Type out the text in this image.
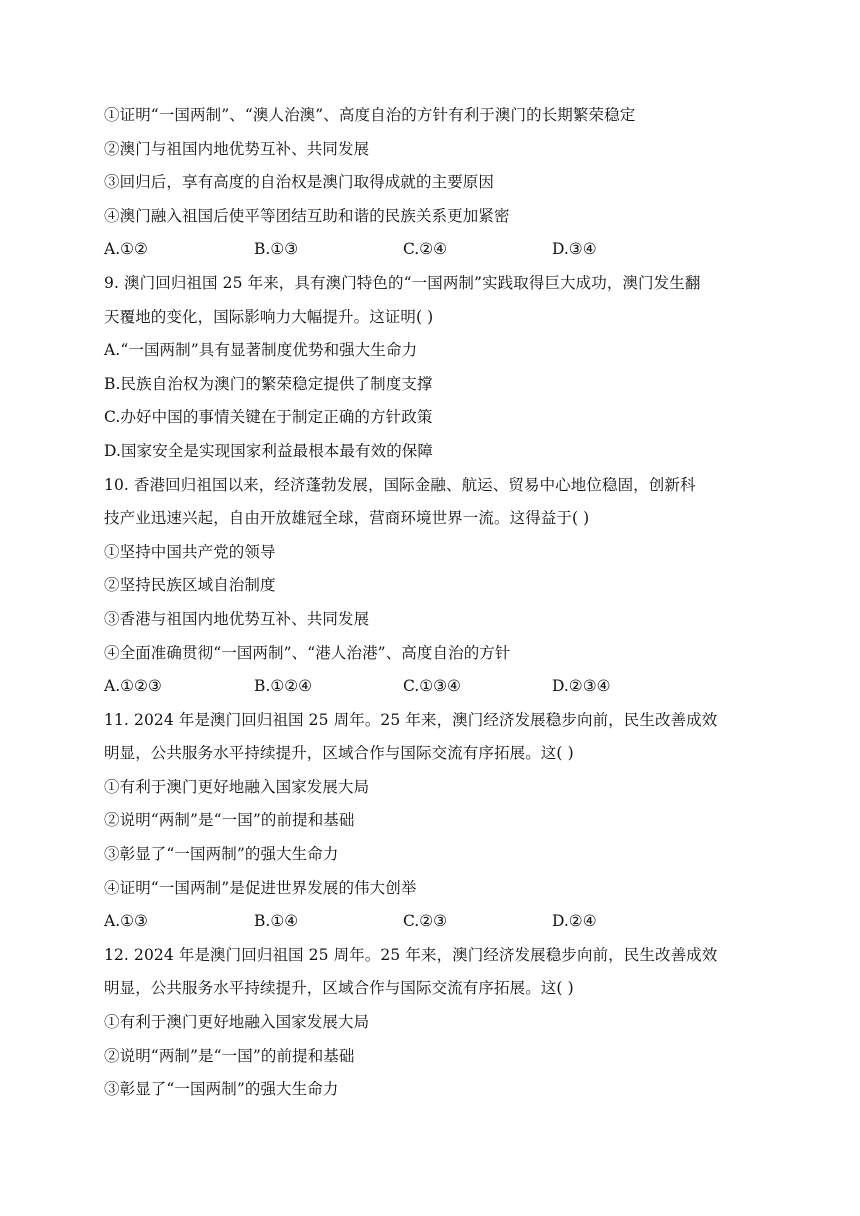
①证明“一国两制”、“澳人治澳”、高度自治的方针有利于澳门的长期繁荣稳定
②澳门与祖国内地优势互补、共同发展
③回归后，享有高度的自治权是澳门取得成就的主要原因
④澳门融入祖国后使平等团结互助和谐的民族关系更加紧密
A.①②	B.①③	C.②④	D.③④
9. 澳门回归祖国 25 年来，具有澳门特色的“一国两制”实践取得巨大成功，澳门发生翻
天覆地的变化，国际影响力大幅提升。这证明( )
A.“一国两制”具有显著制度优势和强大生命力
B.民族自治权为澳门的繁荣稳定提供了制度支撑
C.办好中国的事情关键在于制定正确的方针政策
D.国家安全是实现国家利益最根本最有效的保障
10. 香港回归祖国以来，经济蓬勃发展，国际金融、航运、贸易中心地位稳固，创新科
技产业迅速兴起，自由开放雄冠全球，营商环境世界一流。这得益于( )
①坚持中国共产党的领导
②坚持民族区域自治制度
③香港与祖国内地优势互补、共同发展
④全面准确贯彻“一国两制”、“港人治港”、高度自治的方针
A.①②③	B.①②④	C.①③④	D.②③④
11. 2024 年是澳门回归祖国 25 周年。25 年来，澳门经济发展稳步向前，民生改善成效
明显，公共服务水平持续提升，区域合作与国际交流有序拓展。这( )
①有利于澳门更好地融入国家发展大局
②说明“两制”是“一国”的前提和基础
③彰显了“一国两制”的强大生命力
④证明“一国两制”是促进世界发展的伟大创举
A.①③	B.①④	C.②③	D.②④
12. 2024 年是澳门回归祖国 25 周年。25 年来，澳门经济发展稳步向前，民生改善成效
明显，公共服务水平持续提升，区域合作与国际交流有序拓展。这( )
①有利于澳门更好地融入国家发展大局
②说明“两制”是“一国”的前提和基础
③彰显了“一国两制”的强大生命力
